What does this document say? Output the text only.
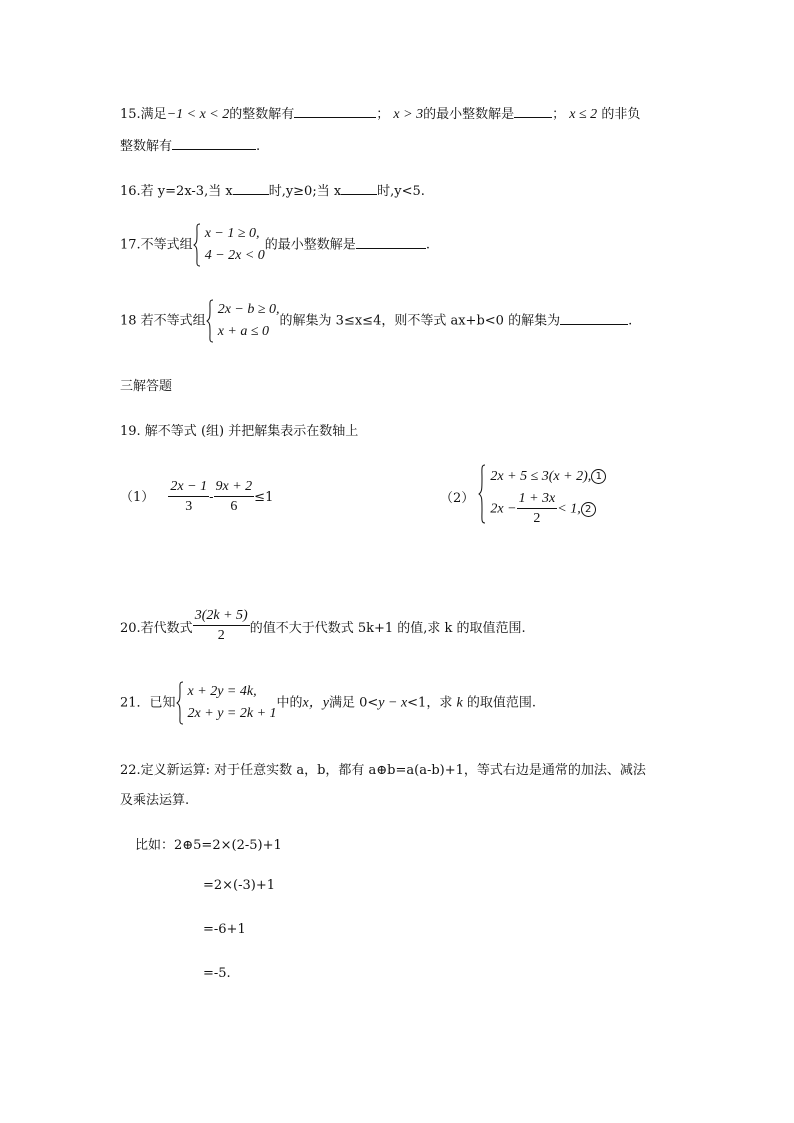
15.满足−1 < x < 2的整数解有	； x > 3的最小整数解是	； x ≤ 2 的非负
整数解有	.
16.若 y=2x-3,当 x	时,y≥0;当 x	时,y<5.
17.不等式组
x − 1 ≥ 0,
4 − 2x < 0
的最小整数解是	.
18 若不等式组
2x − b ≥ 0,
x + a ≤ 0
的解集为 3≤x≤4，则不等式 ax+b<0 的解集为	.
三解答题
19. 解不等式 (组) 并把解集表示在数轴上
$(1) \frac{2x - 1}{3} - \frac{9x + 2}{6} \le 1$	（2）
2x + 5 ≤ 3(x + 2), 1
$2x - \frac{1 + 3x}{2} < 1$, 2
20.若代数式 $\frac{3(2k + 5)}{2}$ 的值不大于代数式 5k+1 的值,求 k 的取值范围.
21．已知
x + 2y = 4k,
2x + y = 2k + 1
中的x，y满足 0<y − x<1，求 k 的取值范围.
22.定义新运算: 对于任意实数 a，b，都有 a⊕b=a(a-b)+1，等式右边是通常的加法、减法
及乘法运算.
比如：2⊕5=2×(2-5)+1
=2×(-3)+1
=-6+1
=-5.
